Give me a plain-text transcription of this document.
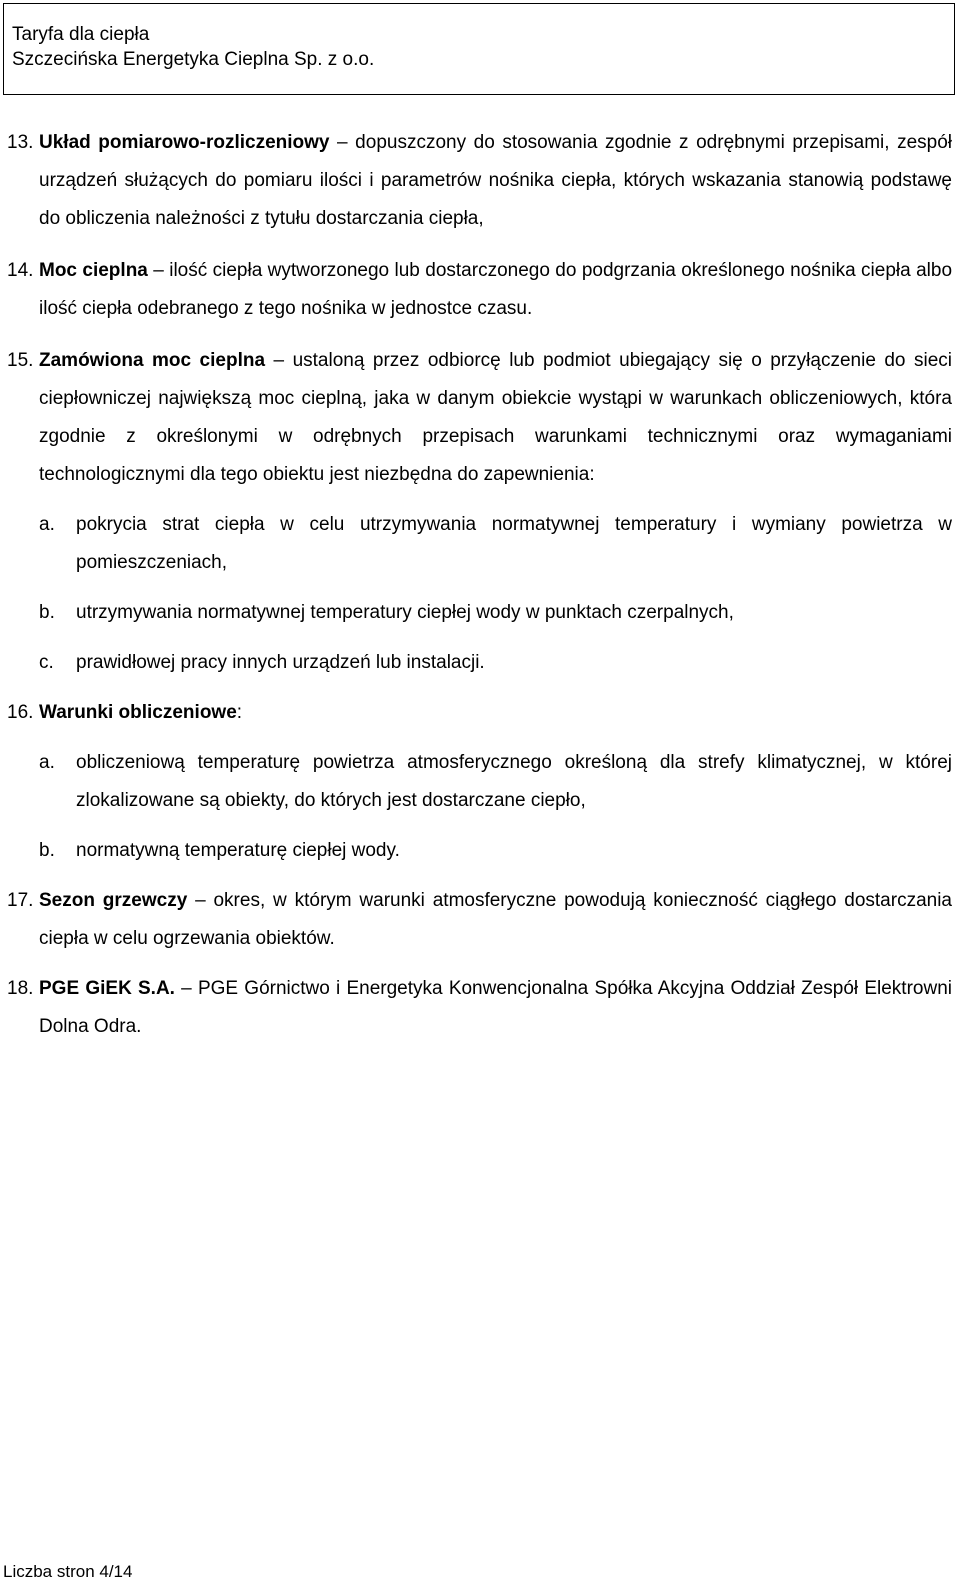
Taryfa dla ciepła
Szczecińska Energetyka Cieplna Sp. z o.o.
13. Układ pomiarowo-rozliczeniowy – dopuszczony do stosowania zgodnie z odrębnymi przepisami, zespół urządzeń służących do pomiaru ilości i parametrów nośnika ciepła, których wskazania stanowią podstawę do obliczenia należności z tytułu dostarczania ciepła,
14. Moc cieplna – ilość ciepła wytworzonego lub dostarczonego do podgrzania określonego nośnika ciepła albo ilość ciepła odebranego z tego nośnika w jednostce czasu.
15. Zamówiona moc cieplna – ustaloną przez odbiorcę lub podmiot ubiegający się o przyłączenie do sieci ciepłowniczej największą moc cieplną, jaka w danym obiekcie wystąpi w warunkach obliczeniowych, która zgodnie z określonymi w odrębnych przepisach warunkami technicznymi oraz wymaganiami technologicznymi dla tego obiektu jest niezbędna do zapewnienia:
a. pokrycia strat ciepła w celu utrzymywania normatywnej temperatury i wymiany powietrza w pomieszczeniach,
b. utrzymywania normatywnej temperatury ciepłej wody w punktach czerpalnych,
c. prawidłowej pracy innych urządzeń lub instalacji.
16. Warunki obliczeniowe:
a. obliczeniową temperaturę powietrza atmosferycznego określoną dla strefy klimatycznej, w której zlokalizowane są obiekty, do których jest dostarczane ciepło,
b. normatywną temperaturę ciepłej wody.
17. Sezon grzewczy – okres, w którym warunki atmosferyczne powodują konieczność ciągłego dostarczania ciepła w celu ogrzewania obiektów.
18. PGE GiEK S.A. – PGE Górnictwo i Energetyka Konwencjonalna Spółka Akcyjna Oddział Zespół Elektrowni Dolna Odra.
Liczba stron 4/14
